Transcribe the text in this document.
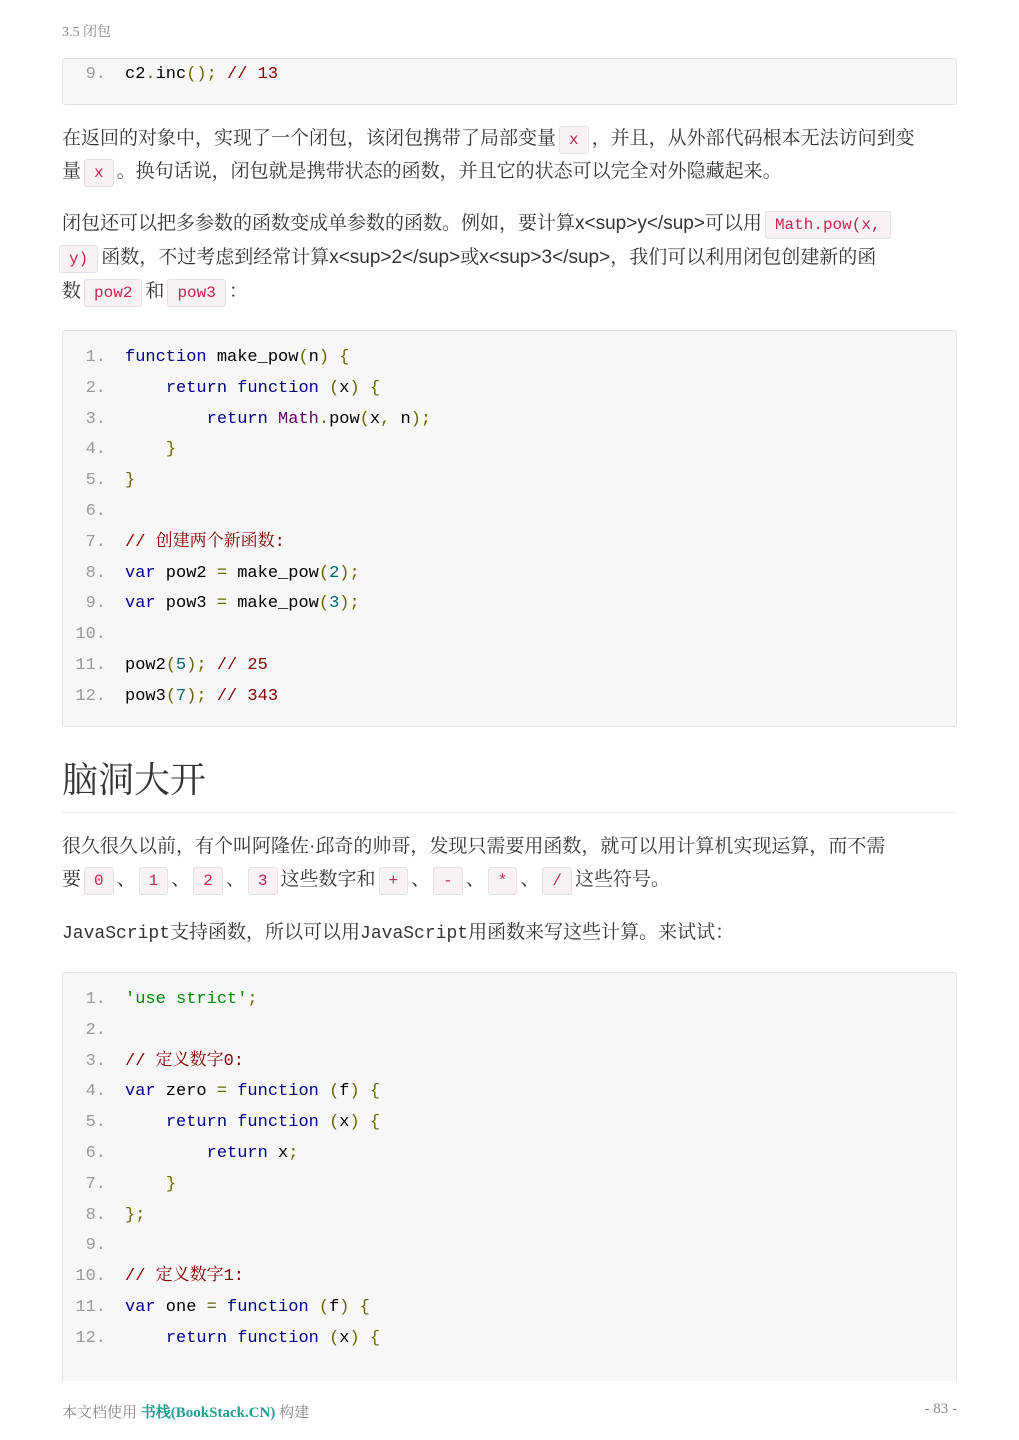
3.5 闭包
9. c2.inc(); // 13

在返回的对象中，实现了一个闭包，该闭包携带了局部变量 x ，并且，从外部代码根本无法访问到变

量 x 。换句话说，闭包就是携带状态的函数，并且它的状态可以完全对外隐藏起来。

闭包还可以把多参数的函数变成单参数的函数。例如，要计算x<sup>y</sup>可以用 Math.pow(x,

y) 函数，不过考虑到经常计算x<sup>2</sup>或x<sup>3</sup>，我们可以利用闭包创建新的函

数 pow2 和 pow3 ：

1. function make_pow(n) {
2.	return function (x) {
3.	return Math.pow(x, n);
4.	}
5. }
6.
7. // 创建两个新函数:
8. var pow2 = make_pow(2);
9. var pow3 = make_pow(3);
10.
11. pow2(5); // 25
12. pow3(7); // 343
脑洞大开

很久很久以前，有个叫阿隆佐·邱奇的帅哥，发现只需要用函数，就可以用计算机实现运算，而不需

要 0 、 1 、 2 、 3 这些数字和 + 、 - 、 * 、 / 这些符号。

JavaScript支持函数，所以可以用JavaScript用函数来写这些计算。来试试：

1. 'use strict';
2.
3. // 定义数字0:
4. var zero = function (f) {
5.	return function (x) {
6.	return x;
7.	}
8. };
9.
10. // 定义数字1:
11. var one = function (f) {
12.	return function (x) {
本文档使用 书栈(BookStack.CN) 构建	- 83 -
